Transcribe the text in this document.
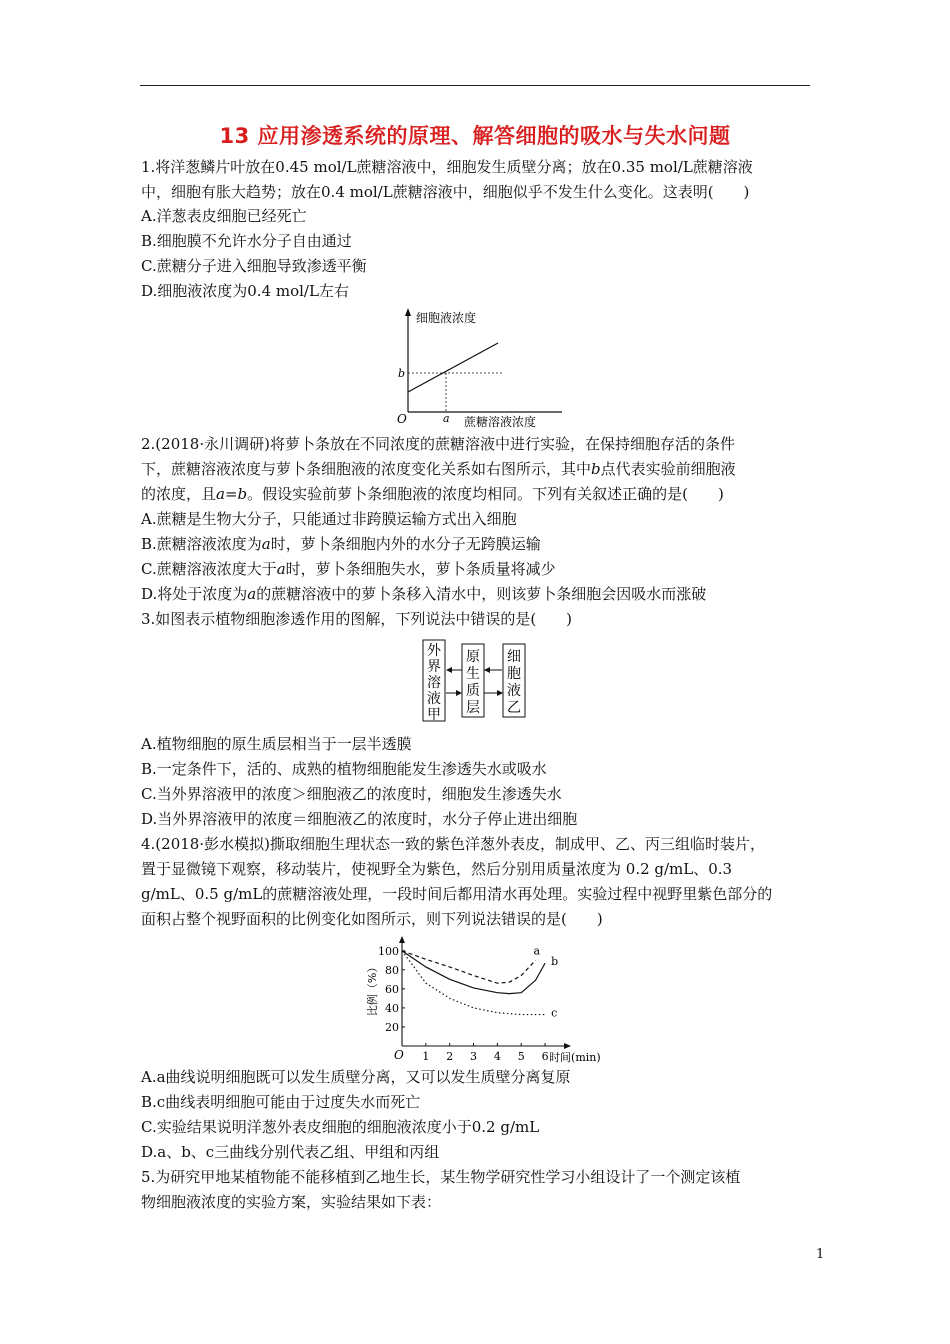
13 应用渗透系统的原理、解答细胞的吸水与失水问题
1.将洋葱鳞片叶放在0.45 mol/L蔗糖溶液中，细胞发生质壁分离；放在0.35 mol/L蔗糖溶液
中，细胞有胀大趋势；放在0.4 mol/L蔗糖溶液中，细胞似乎不发生什么变化。这表明(　　)
A.洋葱表皮细胞已经死亡
B.细胞膜不允许水分子自由通过
C.蔗糖分子进入细胞导致渗透平衡
D.细胞液浓度为0.4 mol/L左右
细胞液浓度
b
O	a 蔗糖溶液浓度
2.(2018·永川调研)将萝卜条放在不同浓度的蔗糖溶液中进行实验，在保持细胞存活的条件
下，蔗糖溶液浓度与萝卜条细胞液的浓度变化关系如右图所示，其中b点代表实验前细胞液
的浓度，且a=b。假设实验前萝卜条细胞液的浓度均相同。下列有关叙述正确的是(　　)
A.蔗糖是生物大分子，只能通过非跨膜运输方式出入细胞
B.蔗糖溶液浓度为a时，萝卜条细胞内外的水分子无跨膜运输
C.蔗糖溶液浓度大于a时，萝卜条细胞失水，萝卜条质量将减少
D.将处于浓度为a的蔗糖溶液中的萝卜条移入清水中，则该萝卜条细胞会因吸水而涨破
3.如图表示植物细胞渗透作用的图解，下列说法中错误的是(　　)
外
界
溶
液
甲
原
生
质
层
细
胞
液
乙
A.植物细胞的原生质层相当于一层半透膜
B.一定条件下，活的、成熟的植物细胞能发生渗透失水或吸水
C.当外界溶液甲的浓度＞细胞液乙的浓度时，细胞发生渗透失水
D.当外界溶液甲的浓度＝细胞液乙的浓度时，水分子停止进出细胞
4.(2018·彭水模拟)撕取细胞生理状态一致的紫色洋葱外表皮，制成甲、乙、丙三组临时装片，
置于显微镜下观察，移动装片，使视野全为紫色，然后分别用质量浓度为 0.2 g/mL、0.3
g/mL、0.5 g/mL的蔗糖溶液处理，一段时间后都用清水再处理。实验过程中视野里紫色部分的
面积占整个视野面积的比例变化如图所示，则下列说法错误的是(　　)
O
20
40
60
80
100
1 2 3 4 5 6 时间(min)
比例（%）
a
b
c
A.a曲线说明细胞既可以发生质壁分离，又可以发生质壁分离复原
B.c曲线表明细胞可能由于过度失水而死亡
C.实验结果说明洋葱外表皮细胞的细胞液浓度小于0.2 g/mL
D.a、b、c三曲线分别代表乙组、甲组和丙组
5.为研究甲地某植物能不能移植到乙地生长，某生物学研究性学习小组设计了一个测定该植
物细胞液浓度的实验方案，实验结果如下表：
1
